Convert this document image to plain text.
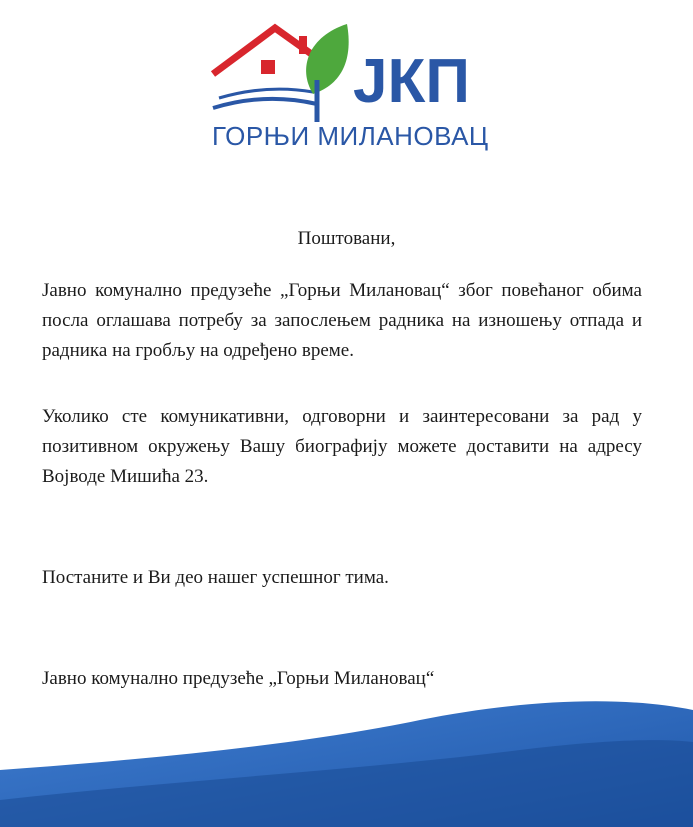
ЈКП
ГОРЊИ МИЛАНОВАЦ
Поштовани,

Јавно комунално предузеће „Горњи Милановац“ због повећаног обима посла оглашава потребу за запослењем радника на изношењу отпада и радника на гробљу на одређено време.

Уколико сте комуникативни, одговорни и заинтересовани за рад у позитивном окружењу Вашу биографију можете доставити на адресу Војводе Мишића 23.

Постаните и Ви део нашег успешног тима.

Јавно комунално предузеће „Горњи Милановац“
